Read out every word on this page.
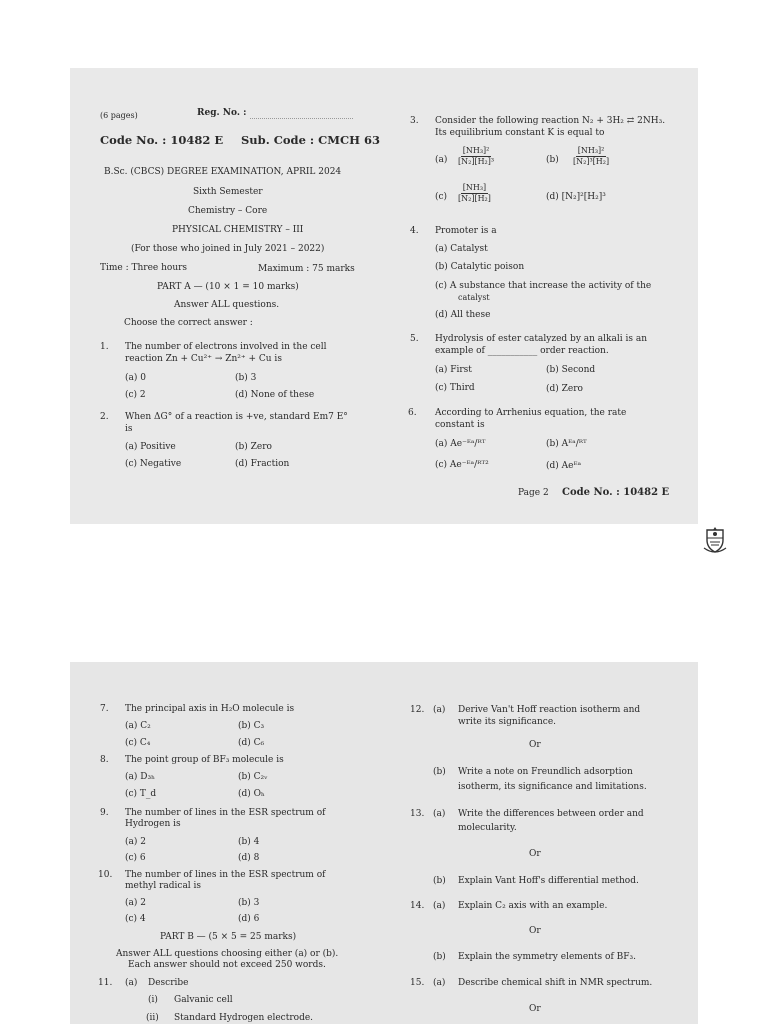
(6 pages)	Reg. No. :
Code No. : 10482 E Sub. Code : CMCH 63
B.Sc. (CBCS) DEGREE EXAMINATION, APRIL 2024
Sixth Semester
Chemistry – Core
PHYSICAL CHEMISTRY – III
(For those who joined in July 2021 – 2022)
Time : Three hours	Maximum : 75 marks
PART A — (10 × 1 = 10 marks)
Answer ALL questions.
Choose the correct answer :
1. The number of electrons involved in the cell
reaction Zn + Cu²⁺ → Zn²⁺ + Cu is
(a) 0	(b) 3
(c) 2	(d) None of these
2. When ΔG° of a reaction is +ve, standard Em7 E°
is
(a) Positive	(b) Zero
(c) Negative	(d) Fraction
3. Consider the following reaction N₂ + 3H₂ ⇄ 2NH₃.
Its equilibrium constant K is equal to
$(a) \frac{\text{[NH₃]²}}{\text{[N₂][H₂]³}}$	$(b) \frac{\text{[NH₃]²}}{\text{[N₂]³[H₂]}}$
$(c) \frac{\text{[NH₃]}}{\text{[N₂][H₂]}}$	(d) [N₂]²[H₂]³
4. Promoter is a
(a) Catalyst
(b) Catalytic poison
(c) A substance that increase the activity of the
catalyst
(d) All these
5. Hydrolysis of ester catalyzed by an alkali is an
example of ___________ order reaction.
(a) First	(b) Second
(c) Third	(d) Zero
6. According to Arrhenius equation, the rate
constant is
(a) Ae⁻ᴱᵃ/ᴿᵀ	(b) Aᴱᵃ/ᴿᵀ
(c) Ae⁻ᴱᵃ/ᴿᵀ²	(d) Aeᴱᵃ
Page 2 Code No. : 10482 E
7. The principal axis in H₂O molecule is
(a) C₂	(b) C₃
(c) C₄	(d) C₆
8. The point group of BF₃ molecule is
(a) D₃ₕ	(b) C₂ᵥ
(c) T_d	(d) Oₕ
9. The number of lines in the ESR spectrum of
Hydrogen is
(a) 2	(b) 4
(c) 6	(d) 8
10. The number of lines in the ESR spectrum of
methyl radical is
(a) 2	(b) 3
(c) 4	(d) 6
PART B — (5 × 5 = 25 marks)
Answer ALL questions choosing either (a) or (b).
Each answer should not exceed 250 words.
11. (a) Describe
(i) Galvanic cell
(ii) Standard Hydrogen electrode.
12. (a) Derive Van't Hoff reaction isotherm and
write its significance.
Or
(b) Write a note on Freundlich adsorption
isotherm, its significance and limitations.
13. (a) Write the differences between order and
molecularity.
Or
(b) Explain Vant Hoff's differential method.
14. (a) Explain C₂ axis with an example.
Or
(b) Explain the symmetry elements of BF₃.
15. (a) Describe chemical shift in NMR spectrum.
Or
